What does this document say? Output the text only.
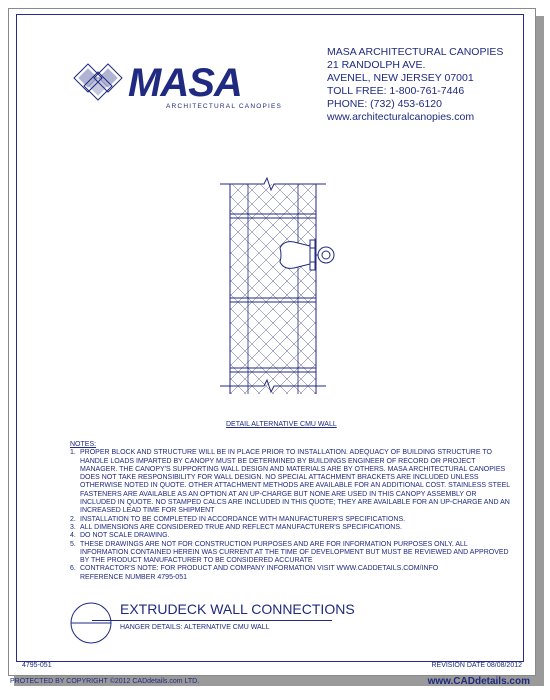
MASA
ARCHITECTURAL CANOPIES
MASA ARCHITECTURAL CANOPIES
21 RANDOLPH AVE.
AVENEL, NEW JERSEY 07001
TOLL FREE: 1-800-761-7446
PHONE: (732) 453-6120
www.architecturalcanopies.com
DETAIL ALTERNATIVE CMU WALL
NOTES:
1. PROPER BLOCK AND STRUCTURE WILL BE IN PLACE PRIOR TO INSTALLATION. ADEQUACY OF BUILDING STRUCTURE TO HANDLE LOADS IMPARTED BY CANOPY MUST BE DETERMINED BY BUILDINGS ENGINEER OF RECORD OR PROJECT MANAGER. THE CANOPY'S SUPPORTING WALL DESIGN AND MATERIALS ARE BY OTHERS. MASA ARCHITECTURAL CANOPIES DOES NOT TAKE RESPONSIBILITY FOR WALL DESIGN. NO SPECIAL ATTACHMENT BRACKETS ARE INCLUDED UNLESS OTHERWISE NOTED IN QUOTE. OTHER ATTACHMENT METHODS ARE AVAILABLE FOR AN ADDITIONAL COST. STAINLESS STEEL FASTENERS ARE AVAILABLE AS AN OPTION AT AN UP-CHARGE BUT NONE ARE USED IN THIS CANOPY ASSEMBLY OR INCLUDED IN QUOTE. NO STAMPED CALCS ARE INCLUDED IN THIS QUOTE; THEY ARE AVAILABLE FOR AN UP-CHARGE AND AN INCREASED LEAD TIME FOR SHIPMENT
2. INSTALLATION TO BE COMPLETED IN ACCORDANCE WITH MANUFACTURER'S SPECIFICATIONS.
3. ALL DIMENSIONS ARE CONSIDERED TRUE AND REFLECT MANUFACTURER'S SPECIFICATIONS.
4. DO NOT SCALE DRAWING.
5. THESE DRAWINGS ARE NOT FOR CONSTRUCTION PURPOSES AND ARE FOR INFORMATION PURPOSES ONLY. ALL INFORMATION CONTAINED HEREIN WAS CURRENT AT THE TIME OF DEVELOPMENT BUT MUST BE REVIEWED AND APPROVED BY THE PRODUCT MANUFACTURER TO BE CONSIDERED ACCURATE
6. CONTRACTOR'S NOTE: FOR PRODUCT AND COMPANY INFORMATION VISIT WWW.CADDETAILS.COM/INFO
REFERENCE NUMBER 4795-051
EXTRUDECK WALL CONNECTIONS
HANGER DETAILS: ALTERNATIVE CMU WALL
4795-051	REVISION DATE 08/08/2012
PROTECTED BY COPYRIGHT ©2012 CADdetails.com LTD.	www.CADdetails.com
